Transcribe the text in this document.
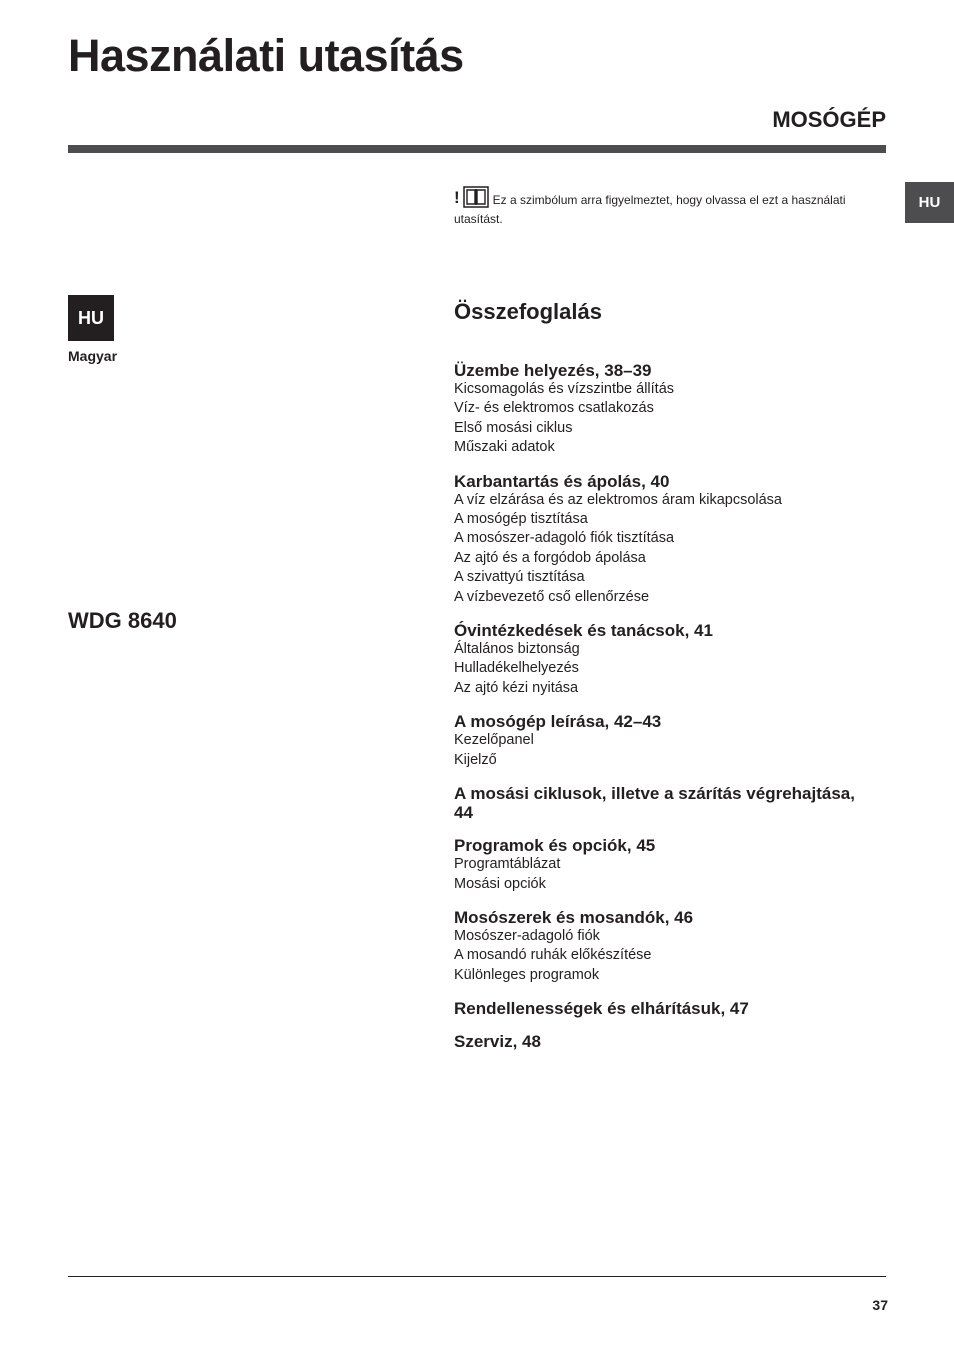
Használati utasítás
MOSÓGÉP
HU
!	Ez a szimbólum arra figyelmeztet, hogy olvassa el ezt a használati utasítást.
HU
Magyar
WDG 8640
Összefoglalás
Üzembe helyezés, 38–39
Kicsomagolás és vízszintbe állítás
Víz- és elektromos csatlakozás
Első mosási ciklus
Műszaki adatok
Karbantartás és ápolás, 40
A víz elzárása és az elektromos áram kikapcsolása
A mosógép tisztítása
A mosószer-adagoló fiók tisztítása
Az ajtó és a forgódob ápolása
A szivattyú tisztítása
A vízbevezető cső ellenőrzése
Óvintézkedések és tanácsok, 41
Általános biztonság
Hulladékelhelyezés
Az ajtó kézi nyitása
A mosógép leírása, 42–43
Kezelőpanel
Kijelző
A mosási ciklusok, illetve a szárítás végrehajtása, 44
Programok és opciók, 45
Programtáblázat
Mosási opciók
Mosószerek és mosandók, 46
Mosószer-adagoló fiók
A mosandó ruhák előkészítése
Különleges programok
Rendellenességek és elhárításuk, 47
Szerviz, 48
37
